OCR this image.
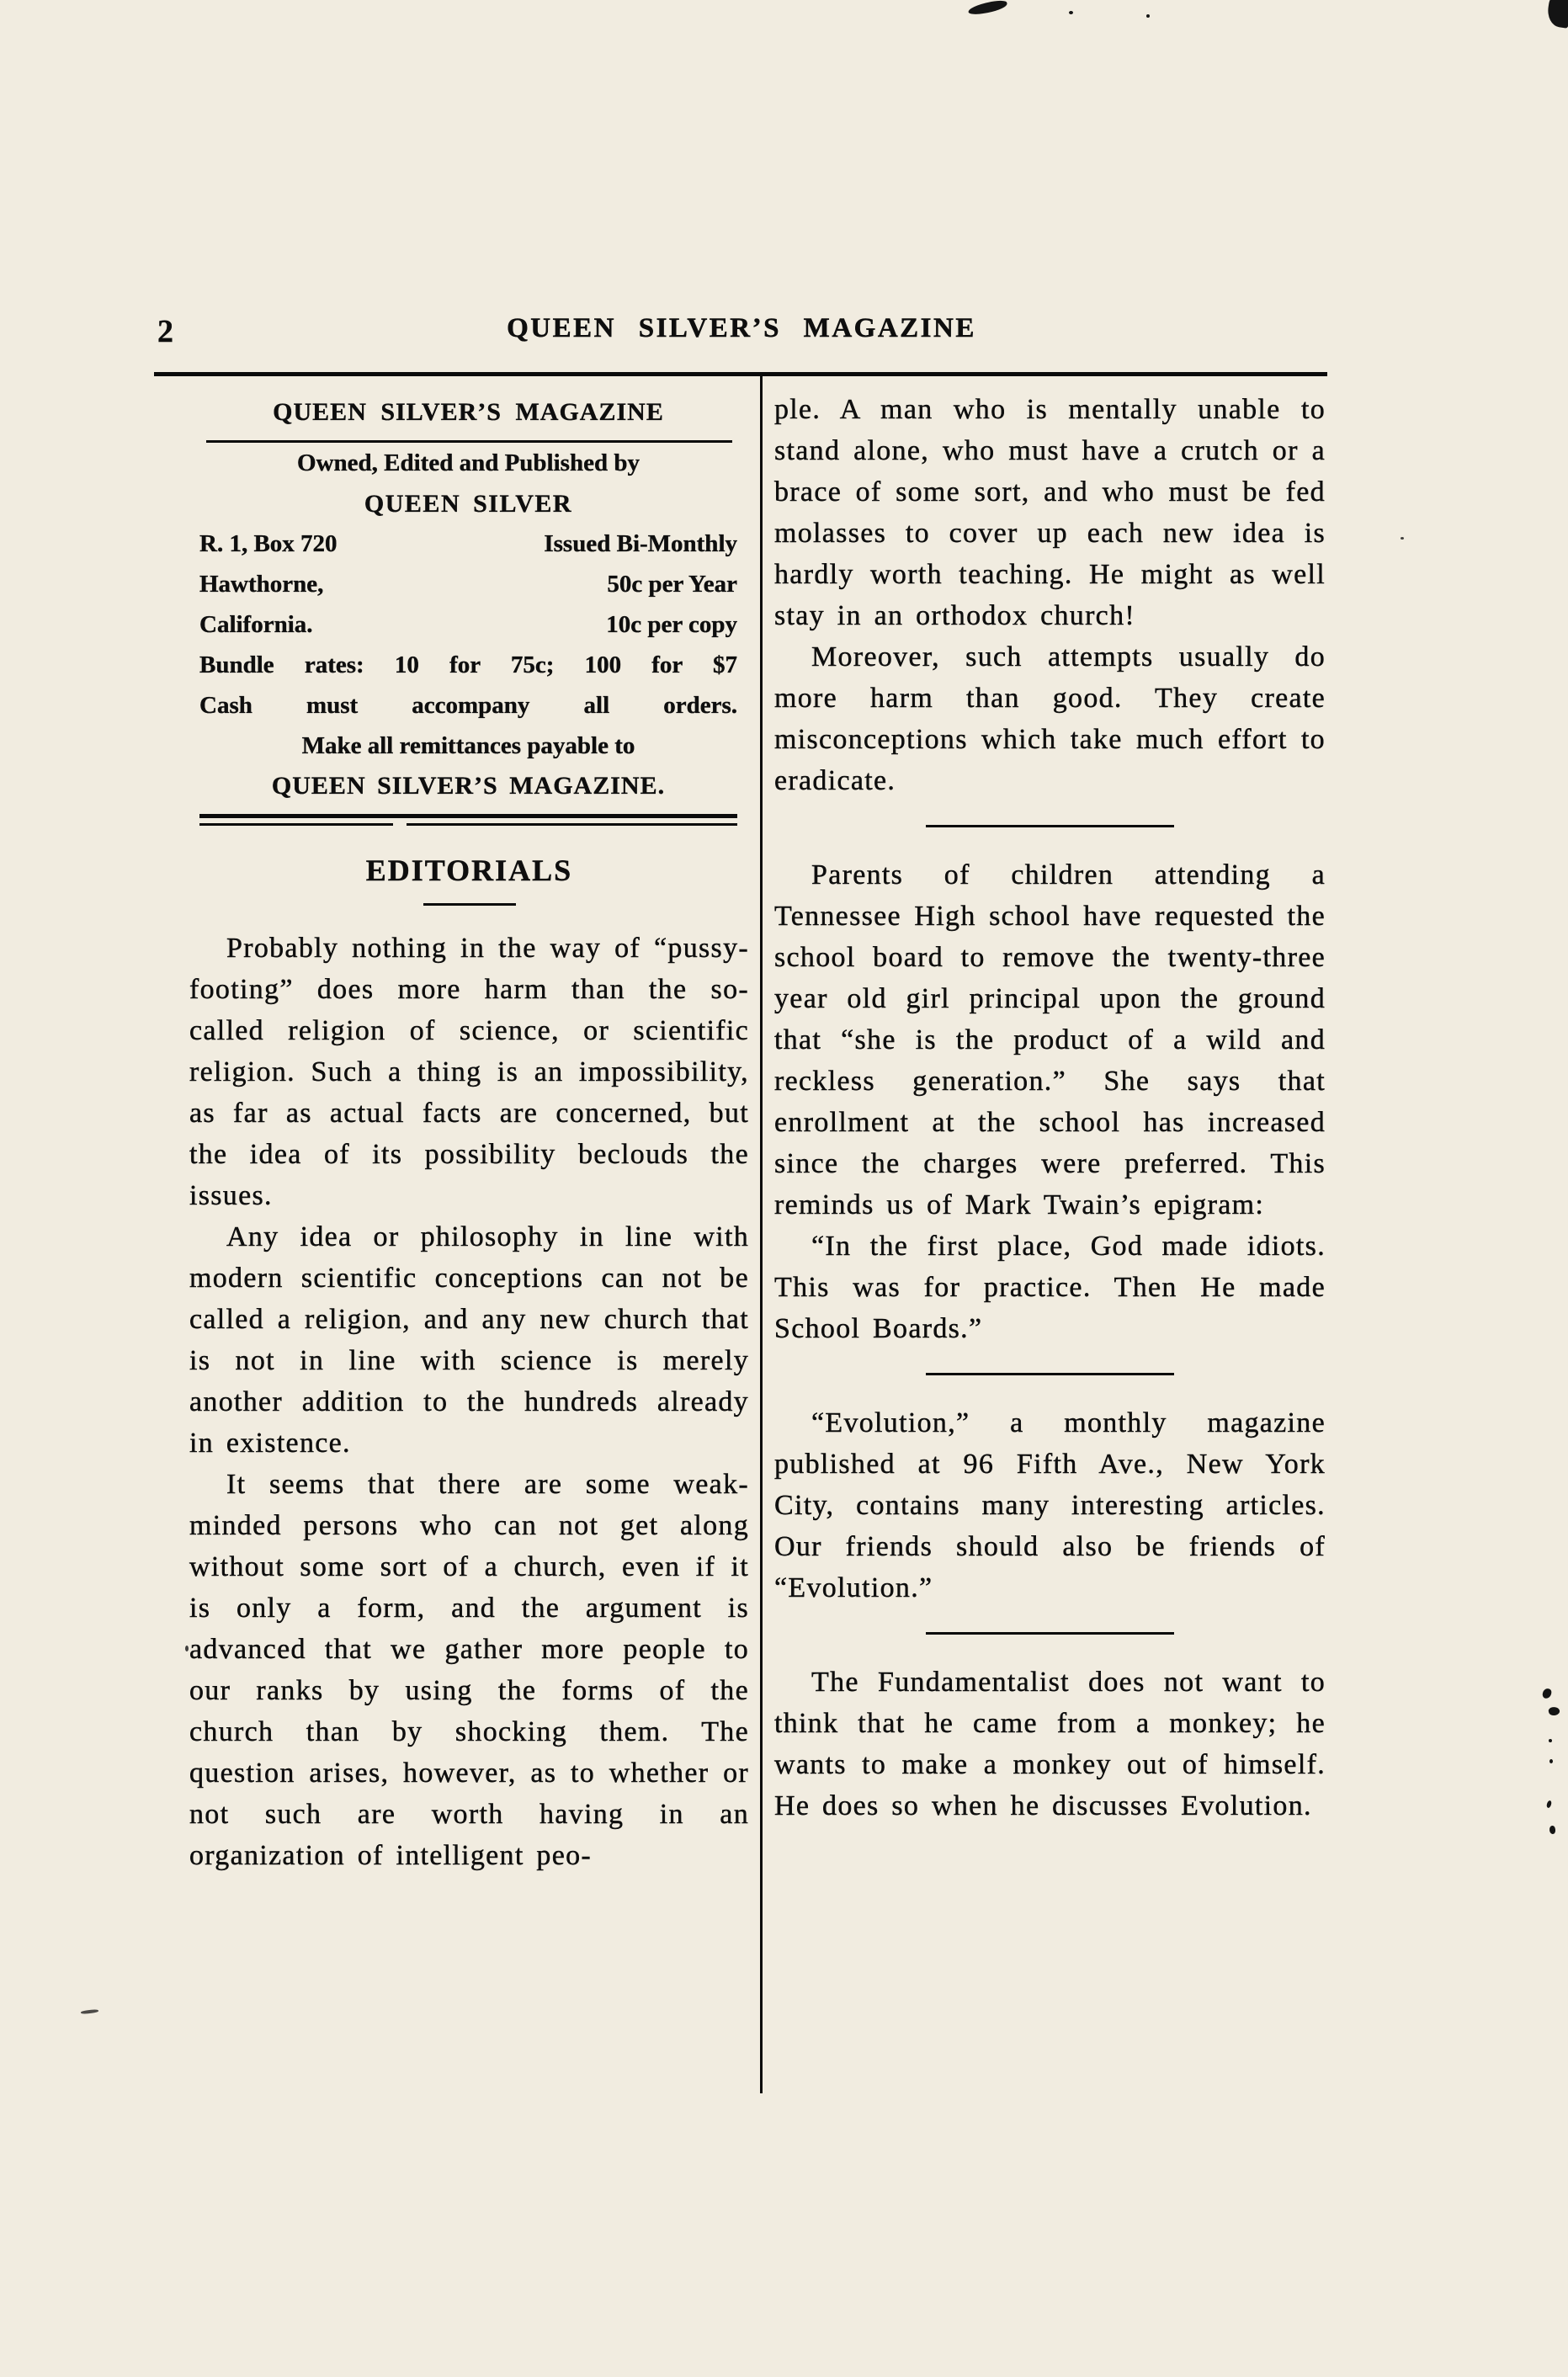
2	QUEEN SILVER’S MAGAZINE
QUEEN SILVER’S MAGAZINE
Owned, Edited and Published by
QUEEN SILVER
R. 1, Box 720	Issued Bi-Monthly
Hawthorne,	50c per Year
California.	10c per copy
Bundle rates: 10 for 75c; 100 for $7
Cash must accompany all orders.
Make all remittances payable to
QUEEN SILVER’S MAGAZINE.
EDITORIALS

Probably nothing in the way of “pussy-footing” does more harm than the so-called religion of science, or scientific religion. Such a thing is an impossibility, as far as actual facts are concerned, but the idea of its possibility beclouds the issues.

Any idea or philosophy in line with modern scientific conceptions can not be called a religion, and any new church that is not in line with science is merely another addition to the hundreds already in existence.

It seems that there are some weak-minded persons who can not get along without some sort of a church, even if it is only a form, and the argument is advanced that we gather more people to our ranks by using the forms of the church than by shocking them. The question arises, however, as to whether or not such are worth having in an organization of intelligent peo-

ple. A man who is mentally unable to stand alone, who must have a crutch or a brace of some sort, and who must be fed molasses to cover up each new idea is hardly worth teaching. He might as well stay in an orthodox church!

Moreover, such attempts usually do more harm than good. They create misconceptions which take much effort to eradicate.

Parents of children attending a Tennessee High school have requested the school board to remove the twenty-three year old girl principal upon the ground that “she is the product of a wild and reckless generation.” She says that enrollment at the school has increased since the charges were preferred. This reminds us of Mark Twain’s epigram:

“In the first place, God made idiots. This was for practice. Then He made School Boards.”

“Evolution,” a monthly magazine published at 96 Fifth Ave., New York City, contains many interesting articles. Our friends should also be friends of “Evolution.”

The Fundamentalist does not want to think that he came from a monkey; he wants to make a monkey out of himself. He does so when he discusses Evolution.
